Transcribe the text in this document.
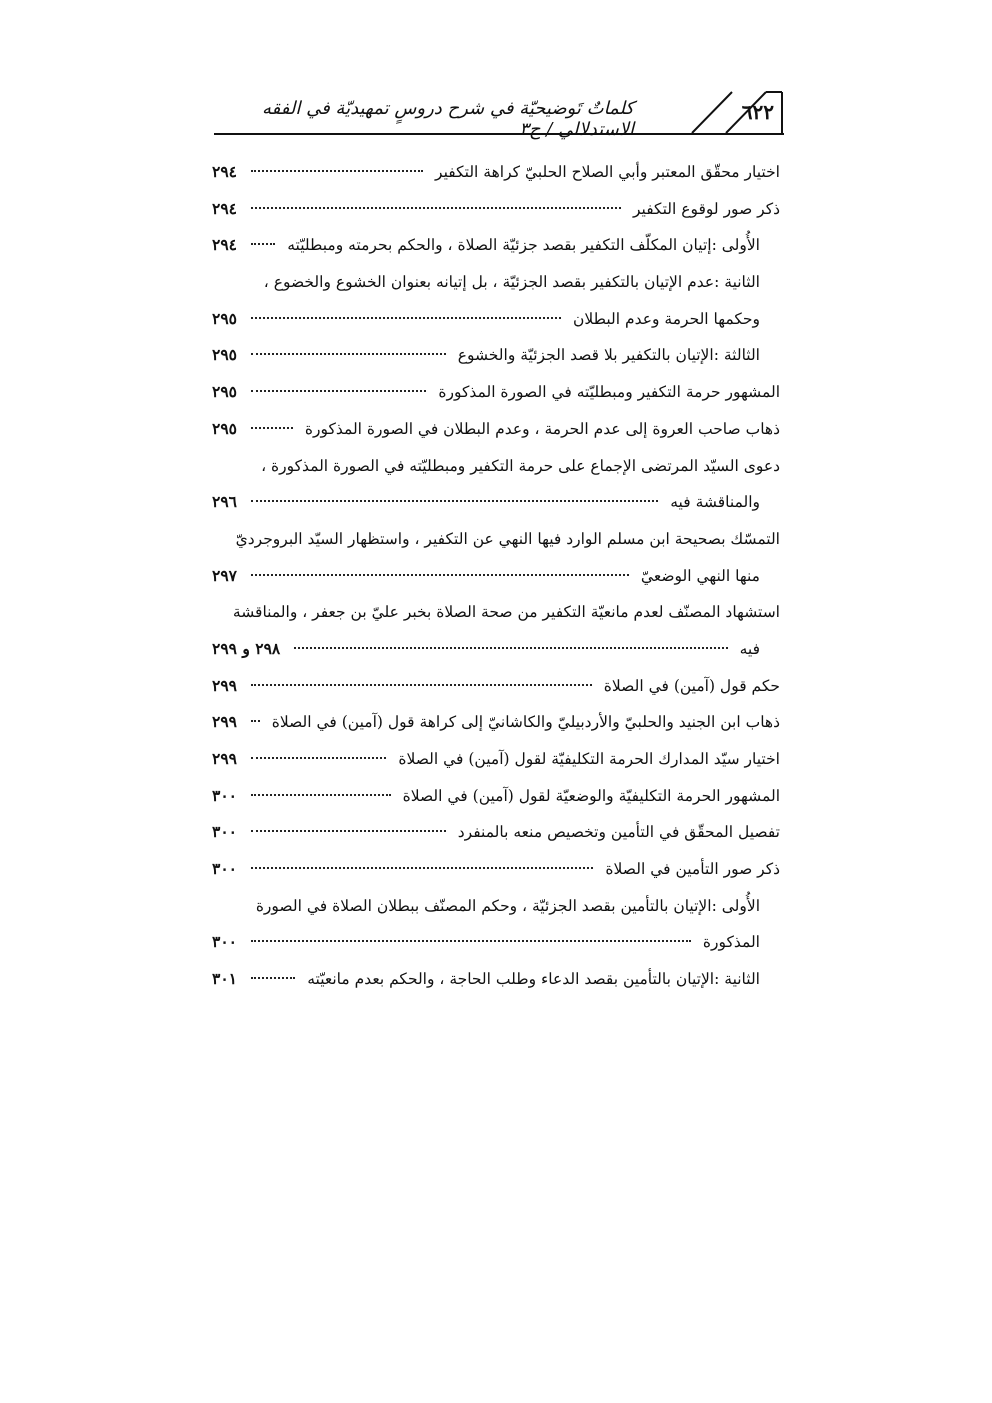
كلماتٌ تَوضيحيّة في شرح دروسٍ تمهيديّة في الفقه الاستدلالي / ج٣
٦٢٢
اختيار محقّق المعتبر وأبي الصلاح الحلبيّ كراهة التكفير
٢٩٤
ذكر صور لوقوع التكفير
٢٩٤
الأُولى :إتيان المكلّف التكفير بقصد جزئيّة الصلاة ، والحكم بحرمته ومبطليّته
٢٩٤
الثانية :عدم الإتيان بالتكفير بقصد الجزئيّة ، بل إتيانه بعنوان الخشوع والخضوع ،
وحكمها الحرمة وعدم البطلان
٢٩٥
الثالثة :الإتيان بالتكفير بلا قصد الجزئيّة والخشوع
٢٩٥
المشهور حرمة التكفير ومبطليّته في الصورة المذكورة
٢٩٥
ذهاب صاحب العروة إلى عدم الحرمة ، وعدم البطلان في الصورة المذكورة
٢٩٥
دعوى السيّد المرتضى الإجماع على حرمة التكفير ومبطليّته في الصورة المذكورة ،
والمناقشة فيه
٢٩٦
التمسّك بصحيحة ابن مسلم الوارد فيها النهي عن التكفير ، واستظهار السيّد البروجرديّ
منها النهي الوضعيّ
٢٩٧
استشهاد المصنّف لعدم مانعيّة التكفير من صحة الصلاة بخبر عليّ بن جعفر ، والمناقشة
فيه
٢٩٨ و ٢٩٩
حكم قول (آمين) في الصلاة
٢٩٩
ذهاب ابن الجنيد والحلبيّ والأردبيليّ والكاشانيّ إلى كراهة قول (آمين) في الصلاة
٢٩٩
اختيار سيّد المدارك الحرمة التكليفيّة لقول (آمين) في الصلاة
٢٩٩
المشهور الحرمة التكليفيّة والوضعيّة لقول (آمين) في الصلاة
٣٠٠
تفصيل المحقّق في التأمين وتخصيص منعه بالمنفرد
٣٠٠
ذكر صور التأمين في الصلاة
٣٠٠
الأُولى :الإتيان بالتأمين بقصد الجزئيّة ، وحكم المصنّف ببطلان الصلاة في الصورة
المذكورة
٣٠٠
الثانية :الإتيان بالتأمين بقصد الدعاء وطلب الحاجة ، والحكم بعدم مانعيّته
٣٠١
